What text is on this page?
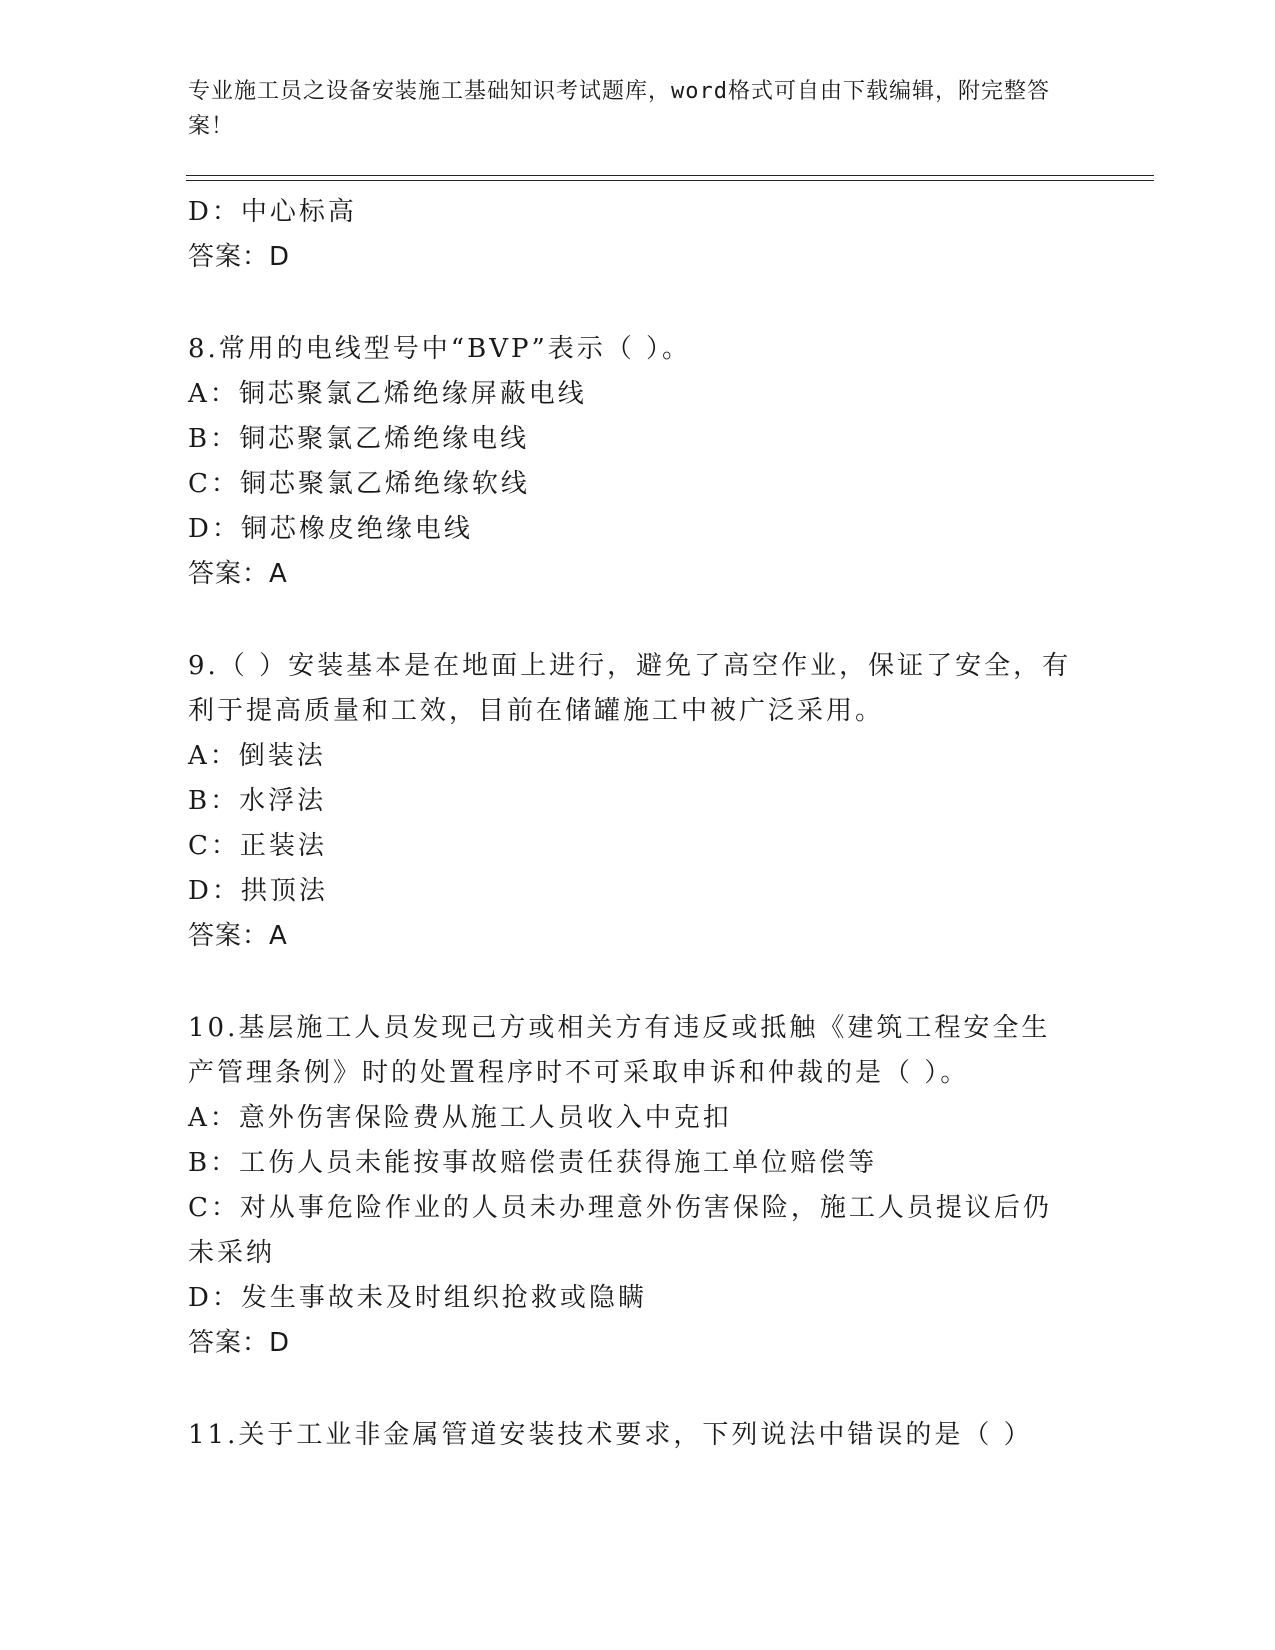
专业施工员之设备安装施工基础知识考试题库，word格式可自由下载编辑，附完整答案！
D：中心标高
答案：D
8.常用的电线型号中“BVP”表示（ ）。
A：铜芯聚氯乙烯绝缘屏蔽电线
B：铜芯聚氯乙烯绝缘电线
C：铜芯聚氯乙烯绝缘软线
D：铜芯橡皮绝缘电线
答案：A
9.（ ）安装基本是在地面上进行，避免了高空作业，保证了安全，有利于提高质量和工效，目前在储罐施工中被广泛采用。
A：倒装法
B：水浮法
C：正装法
D：拱顶法
答案：A
10.基层施工人员发现己方或相关方有违反或抵触《建筑工程安全生产管理条例》时的处置程序时不可采取申诉和仲裁的是（ ）。
A：意外伤害保险费从施工人员收入中克扣
B：工伤人员未能按事故赔偿责任获得施工单位赔偿等
C：对从事危险作业的人员未办理意外伤害保险，施工人员提议后仍未采纳
D：发生事故未及时组织抢救或隐瞒
答案：D
11.关于工业非金属管道安装技术要求，下列说法中错误的是（ ）
